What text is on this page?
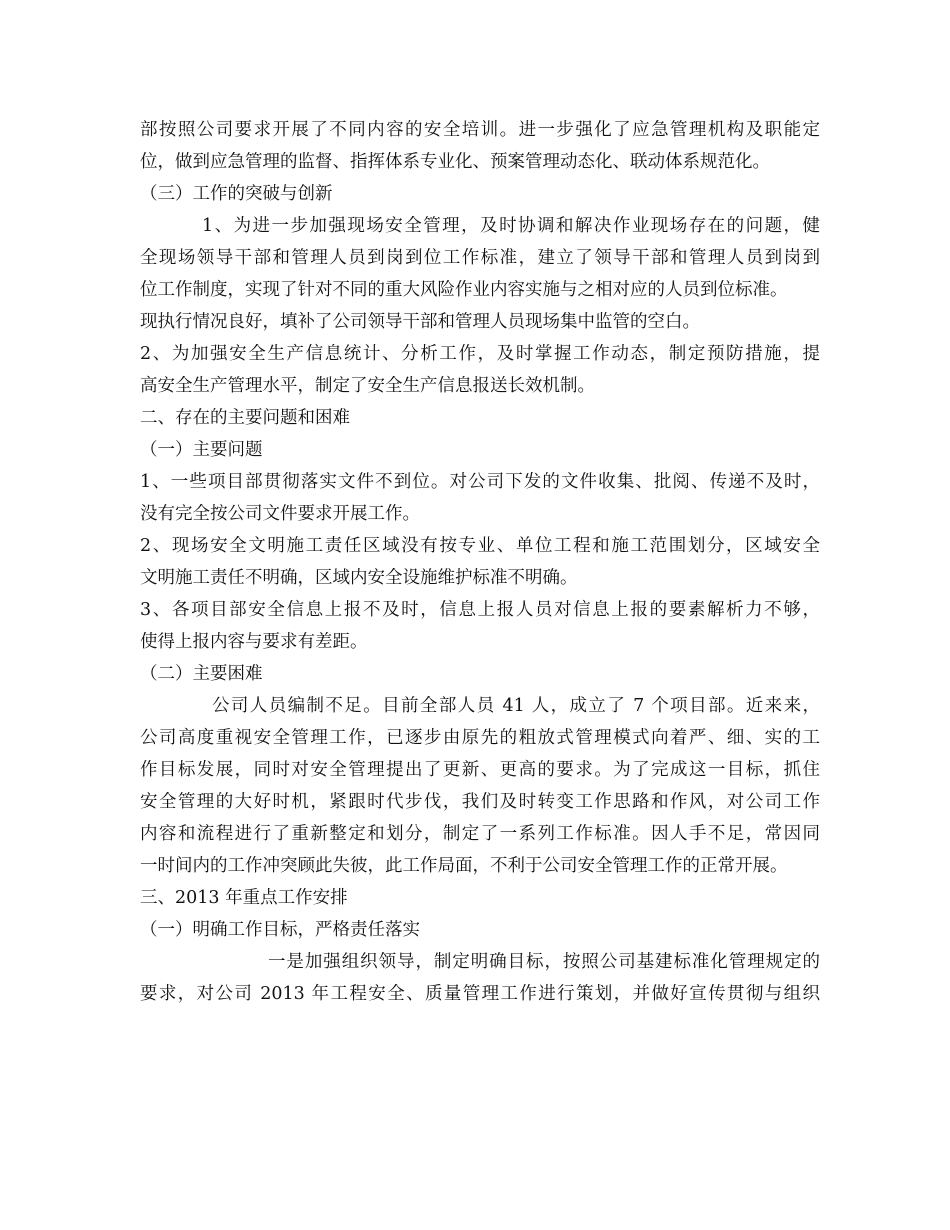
部按照公司要求开展了不同内容的安全培训。进一步强化了应急管理机构及职能定
位，做到应急管理的监督、指挥体系专业化、预案管理动态化、联动体系规范化。
（三）工作的突破与创新
1、为进一步加强现场安全管理，及时协调和解决作业现场存在的问题，健
全现场领导干部和管理人员到岗到位工作标准，建立了领导干部和管理人员到岗到
位工作制度，实现了针对不同的重大风险作业内容实施与之相对应的人员到位标准。
现执行情况良好，填补了公司领导干部和管理人员现场集中监管的空白。
2、为加强安全生产信息统计、分析工作，及时掌握工作动态，制定预防措施，提
高安全生产管理水平，制定了安全生产信息报送长效机制。
二、存在的主要问题和困难
（一）主要问题
1、一些项目部贯彻落实文件不到位。对公司下发的文件收集、批阅、传递不及时，
没有完全按公司文件要求开展工作。
2、现场安全文明施工责任区域没有按专业、单位工程和施工范围划分，区域安全
文明施工责任不明确，区域内安全设施维护标准不明确。
3、各项目部安全信息上报不及时，信息上报人员对信息上报的要素解析力不够，
使得上报内容与要求有差距。
（二）主要困难
公司人员编制不足。目前全部人员 41 人，成立了 7 个项目部。近来来，
公司高度重视安全管理工作，已逐步由原先的粗放式管理模式向着严、细、实的工
作目标发展，同时对安全管理提出了更新、更高的要求。为了完成这一目标，抓住
安全管理的大好时机，紧跟时代步伐，我们及时转变工作思路和作风，对公司工作
内容和流程进行了重新整定和划分，制定了一系列工作标准。因人手不足，常因同
一时间内的工作冲突顾此失彼，此工作局面，不利于公司安全管理工作的正常开展。
三、2013 年重点工作安排
（一）明确工作目标，严格责任落实
一是加强组织领导，制定明确目标，按照公司基建标准化管理规定的
要求，对公司 2013 年工程安全、质量管理工作进行策划，并做好宣传贯彻与组织
